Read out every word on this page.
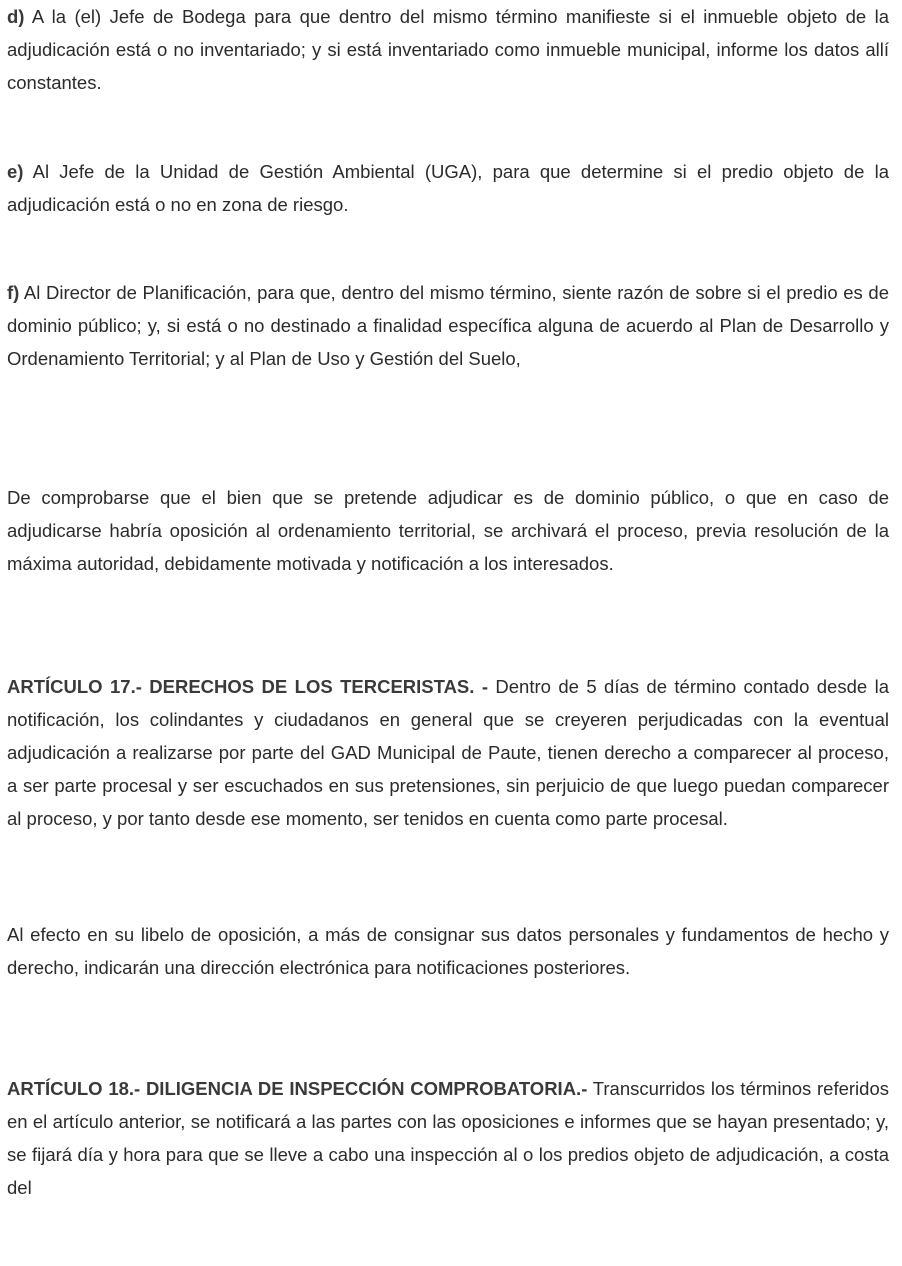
d) A la (el) Jefe de Bodega para que dentro del mismo término manifieste si el inmueble objeto de la adjudicación está o no inventariado; y si está inventariado como inmueble municipal, informe los datos allí constantes.

e) Al Jefe de la Unidad de Gestión Ambiental (UGA), para que determine si el predio objeto de la adjudicación está o no en zona de riesgo.

f) Al Director de Planificación, para que, dentro del mismo término, siente razón de sobre si el predio es de dominio público; y, si está o no destinado a finalidad específica alguna de acuerdo al Plan de Desarrollo y Ordenamiento Territorial; y al Plan de Uso y Gestión del Suelo,

De comprobarse que el bien que se pretende adjudicar es de dominio público, o que en caso de adjudicarse habría oposición al ordenamiento territorial, se archivará el proceso, previa resolución de la máxima autoridad, debidamente motivada y notificación a los interesados.

ARTÍCULO 17.- DERECHOS DE LOS TERCERISTAS. - Dentro de 5 días de término contado desde la notificación, los colindantes y ciudadanos en general que se creyeren perjudicadas con la eventual adjudicación a realizarse por parte del GAD Municipal de Paute, tienen derecho a comparecer al proceso, a ser parte procesal y ser escuchados en sus pretensiones, sin perjuicio de que luego puedan comparecer al proceso, y por tanto desde ese momento, ser tenidos en cuenta como parte procesal.

Al efecto en su libelo de oposición, a más de consignar sus datos personales y fundamentos de hecho y derecho, indicarán una dirección electrónica para notificaciones posteriores.

ARTÍCULO 18.- DILIGENCIA DE INSPECCIÓN COMPROBATORIA.- Transcurridos los términos referidos en el artículo anterior, se notificará a las partes con las oposiciones e informes que se hayan presentado; y, se fijará día y hora para que se lleve a cabo una inspección al o los predios objeto de adjudicación, a costa del
